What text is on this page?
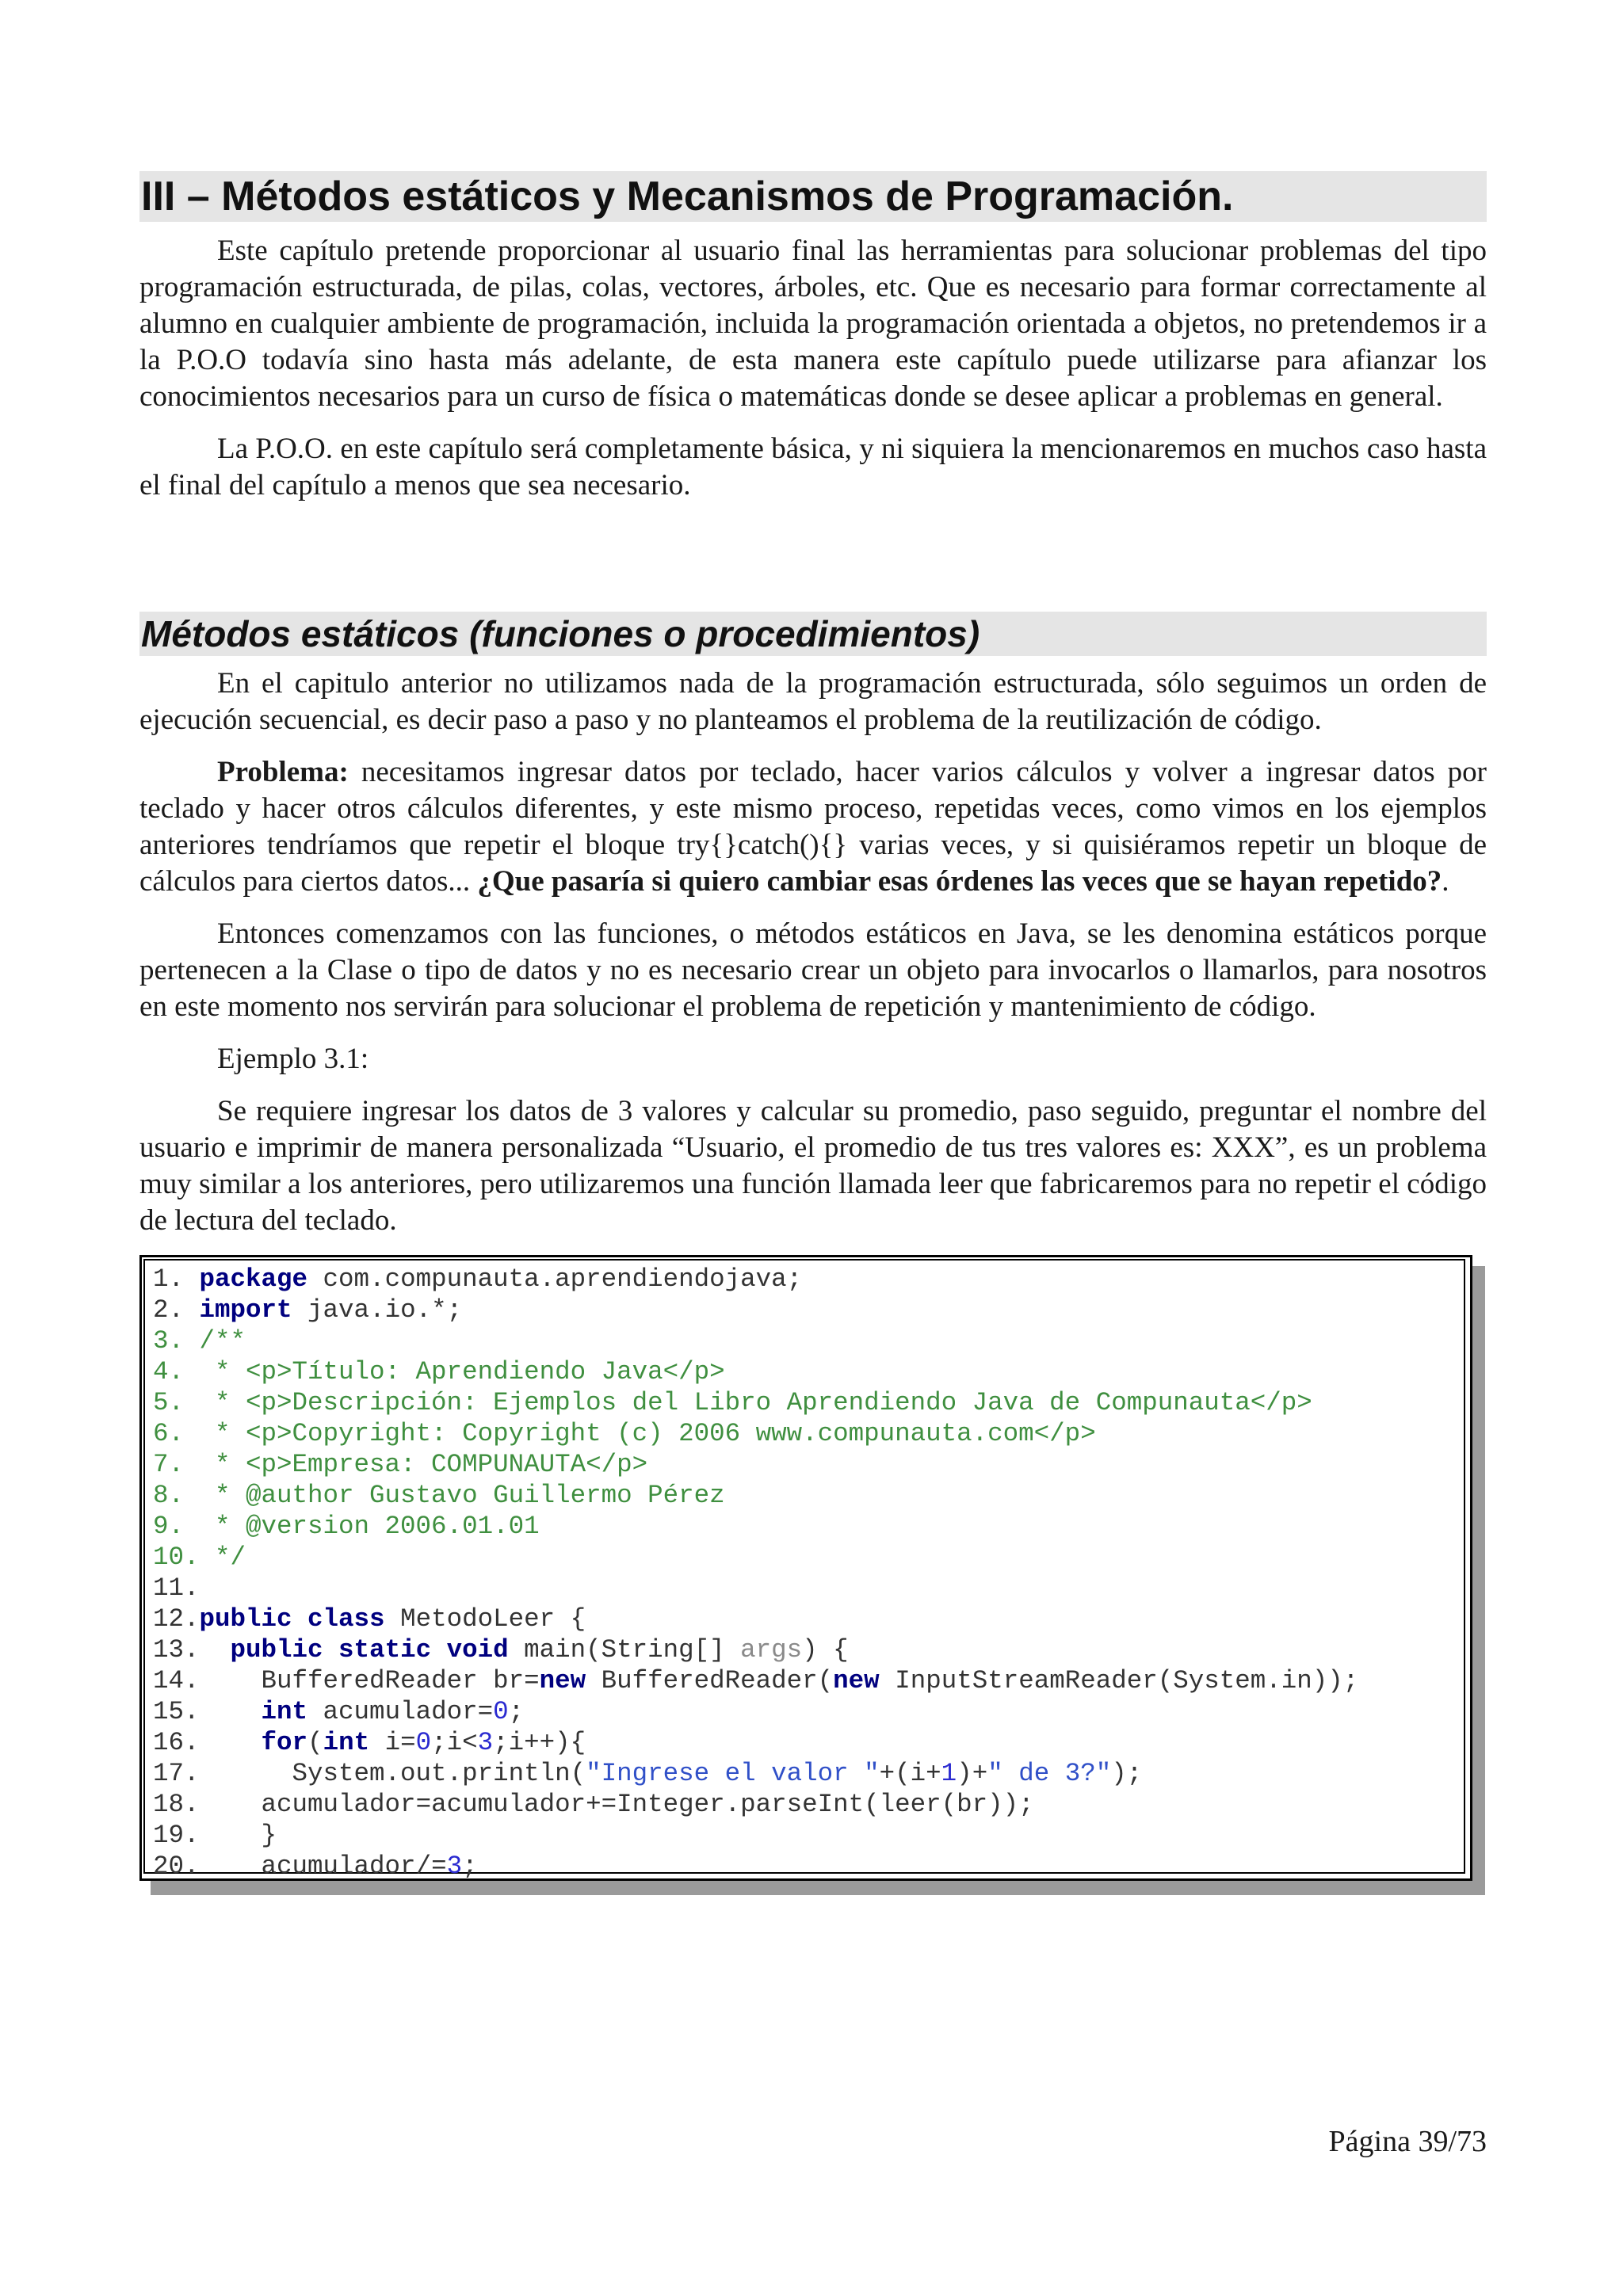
III – Métodos estáticos y Mecanismos de Programación.

Este capítulo pretende proporcionar al usuario final las herramientas para solucionar problemas del tipo programación estructurada, de pilas, colas, vectores, árboles, etc. Que es necesario para formar correctamente al alumno en cualquier ambiente de programación, incluida la programación orientada a objetos, no pretendemos ir a la P.O.O todavía sino hasta más adelante, de esta manera este capítulo puede utilizarse para afianzar los conocimientos necesarios para un curso de física o matemáticas donde se desee aplicar a problemas en general.

La P.O.O. en este capítulo será completamente básica, y ni siquiera la mencionaremos en muchos caso hasta el final del capítulo a menos que sea necesario.

Métodos estáticos (funciones o procedimientos)

En el capitulo anterior no utilizamos nada de la programación estructurada, sólo seguimos un orden de ejecución secuencial, es decir paso a paso y no planteamos el problema de la reutilización de código.

Problema: necesitamos ingresar datos por teclado, hacer varios cálculos y volver a ingresar datos por teclado y hacer otros cálculos diferentes, y este mismo proceso, repetidas veces, como vimos en los ejemplos anteriores tendríamos que repetir el bloque try{}catch(){} varias veces, y si quisiéramos repetir un bloque de cálculos para ciertos datos... ¿Que pasaría si quiero cambiar esas órdenes las veces que se hayan repetido?.

Entonces comenzamos con las funciones, o métodos estáticos en Java, se les denomina estáticos porque pertenecen a la Clase o tipo de datos y no es necesario crear un objeto para invocarlos o llamarlos, para nosotros en este momento nos servirán para solucionar el problema de repetición y mantenimiento de código.

Ejemplo 3.1:

Se requiere ingresar los datos de 3 valores y calcular su promedio, paso seguido, preguntar el nombre del usuario e imprimir de manera personalizada “Usuario, el promedio de tus tres valores es: XXX”, es un problema muy similar a los anteriores, pero utilizaremos una función llamada leer que fabricaremos para no repetir el código de lectura del teclado.

1. package com.compunauta.aprendiendojava;
2. import java.io.*;
3. /**
4.  * <p>Título: Aprendiendo Java</p>
5.  * <p>Descripción: Ejemplos del Libro Aprendiendo Java de Compunauta</p>
6.  * <p>Copyright: Copyright (c) 2006 www.compunauta.com</p>
7.  * <p>Empresa: COMPUNAUTA</p>
8.  * @author Gustavo Guillermo Pérez
9.  * @version 2006.01.01
10. */
11.
12.public class MetodoLeer {
13.  public static void main(String[] args) {
14.    BufferedReader br=new BufferedReader(new InputStreamReader(System.in));
15.    int acumulador=0;
16.    for(int i=0;i<3;i++){
17.      System.out.println("Ingrese el valor "+(i+1)+" de 3?");
18.    acumulador=acumulador+=Integer.parseInt(leer(br));
19.    }
20.    acumulador/=3;
Página 39/73
